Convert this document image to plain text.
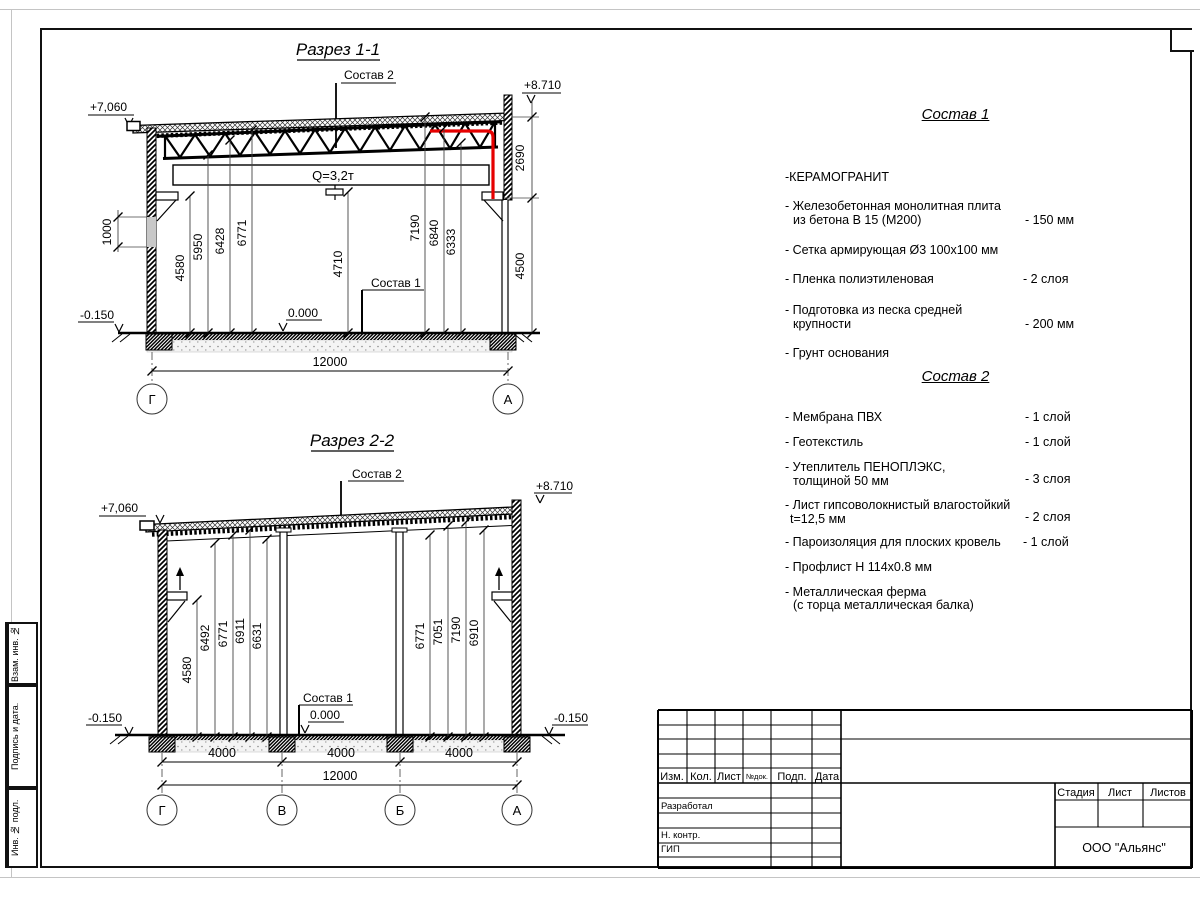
Взам. инв. №
Подпись и дата.
Инв. № подл.
Разрез 1-1
Состав 2
+8.710
+7,060
Q=3,2т
4580
5950 6428 6771
4710
7190 6840 6333
2690
4500
1000
Состав 1
0.000
-0.150
12000
Г	А
Разрез 2-2
Состав 2
+8.710
+7,060
4580
6492 6771 6911 6631	6771 7051 7190 6910
Состав 1
0.000
-0.150	-0.150
4000	4000	4000
12000
Г	В	Б	А
Состав 1
-КЕРАМОГРАНИТ
- Железобетонная монолитная плита
из бетона В 15 (М200)	- 150 мм
- Сетка армирующая Ø3 100x100 мм
- Пленка полиэтиленовая	- 2 слоя
- Подготовка из песка средней
крупности	- 200 мм
- Грунт основания
Состав 2
- Мембрана ПВХ	- 1 слой
- Геотекстиль	- 1 слой
- Утеплитель ПЕНОПЛЭКС,
толщиной 50 мм	- 3 слоя
- Лист гипсоволокнистый влагостойкий
t=12,5 мм	- 2 слоя
- Пароизоляция для плоских кровель - 1 слой
- Профлист Н 114x0.8 мм
- Металлическая ферма
(с торца металлическая балка)
Изм. Кол. Лист №док. Подп. Дата
Стадия Лист Листов
Разработал
Н. контр.
ГИП	ООО "Альянс"
